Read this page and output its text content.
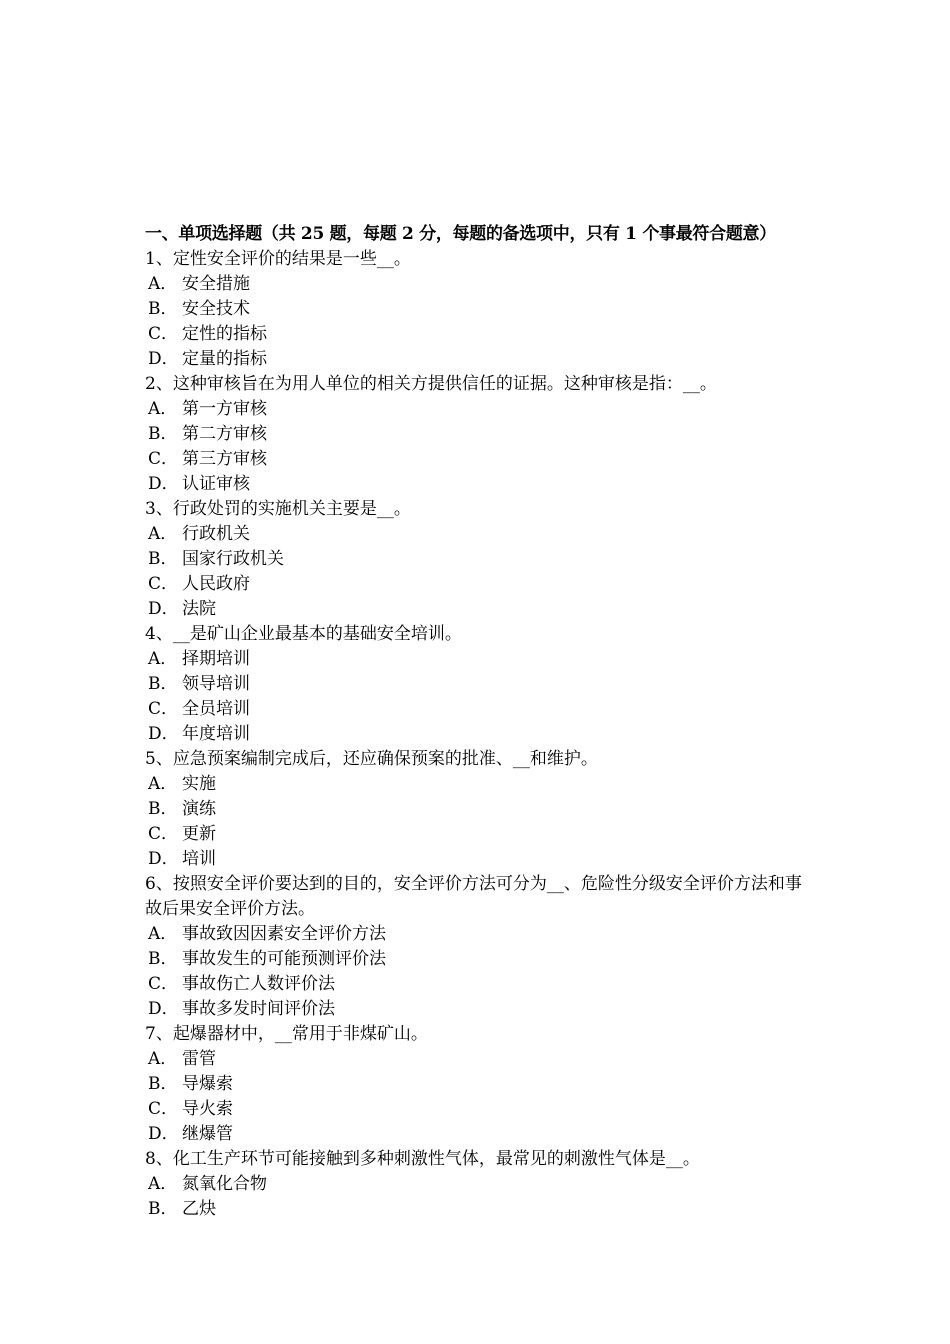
一、单项选择题（共 25 题，每题 2 分，每题的备选项中，只有 1 个事最符合题意）
1、定性安全评价的结果是一些__。
A． 安全措施
B． 安全技术
C． 定性的指标
D． 定量的指标
2、这种审核旨在为用人单位的相关方提供信任的证据。这种审核是指：__。
A． 第一方审核
B． 第二方审核
C． 第三方审核
D． 认证审核
3、行政处罚的实施机关主要是__。
A． 行政机关
B． 国家行政机关
C． 人民政府
D． 法院
4、__是矿山企业最基本的基础安全培训。
A． 择期培训
B． 领导培训
C． 全员培训
D． 年度培训
5、应急预案编制完成后，还应确保预案的批准、__和维护。
A． 实施
B． 演练
C． 更新
D． 培训
6、按照安全评价要达到的目的，安全评价方法可分为__、危险性分级安全评价方法和事故后果安全评价方法。
A． 事故致因因素安全评价方法
B． 事故发生的可能预测评价法
C． 事故伤亡人数评价法
D． 事故多发时间评价法
7、起爆器材中，__常用于非煤矿山。
A． 雷管
B． 导爆索
C． 导火索
D． 继爆管
8、化工生产环节可能接触到多种刺激性气体，最常见的刺激性气体是__。
A． 氮氧化合物
B． 乙炔
